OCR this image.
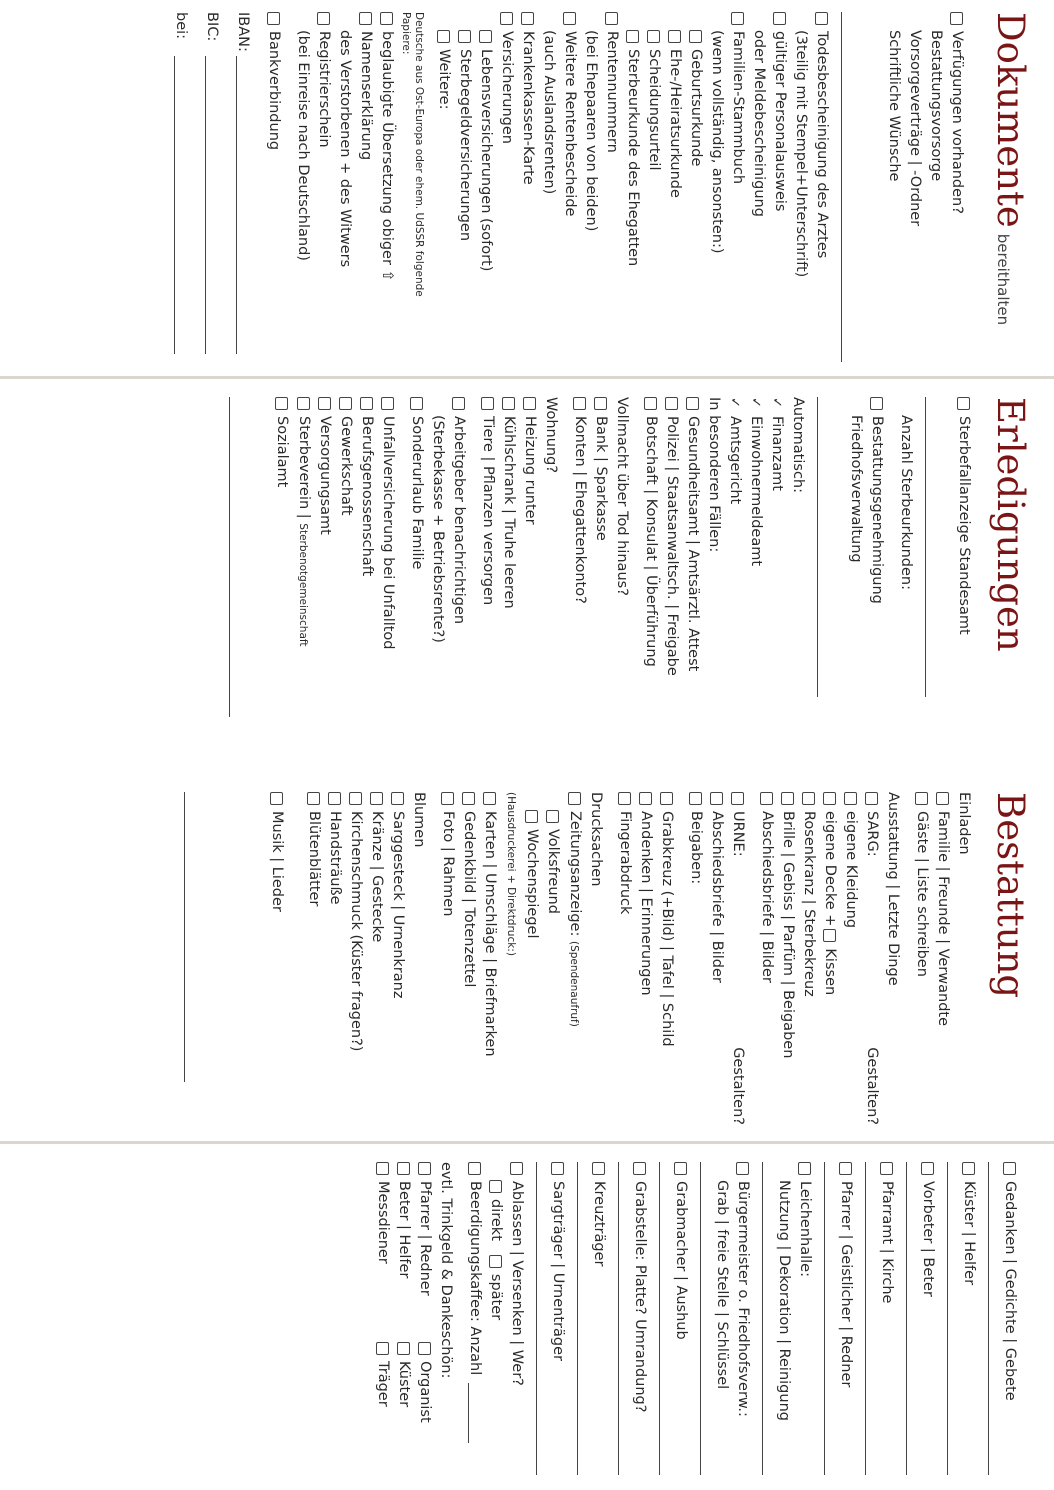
Dokumentebereithalten
Verfügungen vorhanden?
Bestattungsvorsorge
Vorsorgeverträge | -Ordner
Schriftliche Wünsche
Todesbescheinigung des Arztes
(3teilig mit Stempel+Unterschrift)
gültiger Personalausweis
oder Meldebescheinigung
Familien-Stammbuch
(wenn vollständig, ansonsten:)
Geburtsurkunde
Ehe-/Heiratsurkunde
Scheidungsurteil
Sterbeurkunde des Ehegatten
Rentennummern
(bei Ehepaaren von beiden)
Weitere Rentenbescheide
(auch Auslandsrenten)
Krankenkassen-Karte
Versicherungen
Lebensversicherungen (sofort)
Sterbegeldversicherungen
Weitere:
Deutsche aus Ost-Europa oder ehem. UdSSR folgende Papiere:
beglaubigte Übersetzung obiger ⇧
Namenserklärung
des Verstorbenen + des Witwers
Registrierschein
(bei Einreise nach Deutschland)
Bankverbindung
IBAN:
BIC:
bei:
Erledigungen
Sterbefallanzeige Standesamt
Anzahl Sterbeurkunden:
Bestattungsgenehmigung
Friedhofsverwaltung
Automatisch:
✓
Finanzamt
✓
Einwohnermeldeamt
✓
Amtsgericht
In besonderen Fällen:
Gesundheitsamt | Amtsärztl. Attest
Polizei | Staatsanwaltsch. | Freigabe
Botschaft | Konsulat | Überführung
Vollmacht über Tod hinaus?
Bank | Sparkasse
Konten | Ehegattenkonto?
Wohnung?
Heizung runter
Kühlschrank | Truhe leeren
Tiere | Pflanzen versorgen
Arbeitgeber benachrichtigen
(Sterbekasse + Betriebsrente?)
Sonderurlaub Familie
Unfallversicherung bei Unfalltod
Berufsgenossenschaft
Gewerkschaft
Versorgungsamt
Sterbeverein | Sterbenotgemeinschaft
Sozialamt
Bestattung
Einladen
Familie | Freunde | Verwandte
Gäste | Liste schreiben
Ausstattung | Letzte Dinge
SARG:
Gestalten?
eigene Kleidung
eigene Decke +
Kissen
Rosenkranz | Sterbekreuz
Brille | Gebiss | Parfüm | Beigaben
Abschiedsbriefe | Bilder
URNE:
Gestalten?
Abschiedsbriefe | Bilder
Beigaben:
Grabkreuz (+Bild) | Tafel | Schild
Andenken | Erinnerungen
Fingerabdruck
Drucksachen
Zeitungsanzeige: (Spendenaufruf)
Volksfreund
Wochenspiegel
(Hausdruckerei + Direktdruck:)
Karten | Umschläge | Briefmarken
Gedenkbild | Totenzettel
Foto | Rahmen
Blumen
Sarggesteck | Urnenkranz
Kränze | Gestecke
Kirchenschmuck (Küster fragen?)
Handsträuße
Blütenblätter
Musik | Lieder
Gedanken | Gedichte | Gebete
Küster | Helfer
Vorbeter | Beter
Pfarramt | Kirche
Pfarrer | Geistlicher | Redner
Leichenhalle:
Nutzung | Dekoration | Reinigung
Bürgermeister o. Friedhofsverw.:
Grab | freie Stelle | Schlüssel
Grabmacher | Aushub
Grabstelle: Platte? Umrandung?
Kreuzträger
Sargträger | Urnenträger
Ablassen | Versenken | Wer?
direkt
später
Beerdigungskaffee: Anzahl
evtl. Trinkgeld & Dankeschön:
Pfarrer | Redner
Organist
Beter | Helfer
Küster
Messdiener
Träger
